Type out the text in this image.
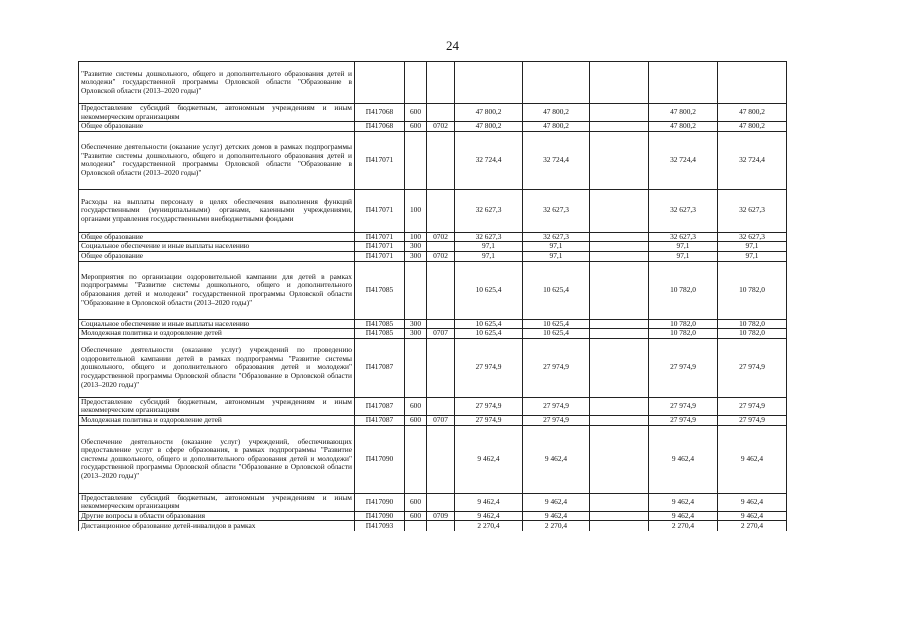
24
"Развитие системы дошкольного, общего и дополнительного образования детей и молодежи" государственной программы Орловской области "Образование в Орловской области (2013–2020 годы)"								
Предоставление субсидий бюджетным, автономным учреждениям и иным некоммерческим организациям	П417068	600		47 800,2	47 800,2		47 800,2	47 800,2
Общее образование	П417068	600	0702	47 800,2	47 800,2		47 800,2	47 800,2
Обеспечение деятельности (оказание услуг) детских домов в рамках подпрограммы "Развитие системы дошкольного, общего и дополнительного образования детей и молодежи" государственной программы Орловской области "Образование в Орловской области (2013–2020 годы)"	П417071			32 724,4	32 724,4		32 724,4	32 724,4
Расходы на выплаты персоналу в целях обеспечения выполнения функций государственными (муниципальными) органами, казенными учреждениями, органами управления государственными внебюджетными фондами	П417071	100		32 627,3	32 627,3		32 627,3	32 627,3
Общее образование	П417071	100	0702	32 627,3	32 627,3		32 627,3	32 627,3
Социальное обеспечение и иные выплаты населению	П417071	300		97,1	97,1		97,1	97,1
Общее образование	П417071	300	0702	97,1	97,1		97,1	97,1
Мероприятия по организации оздоровительной кампании для детей в рамках подпрограммы "Развитие системы дошкольного, общего и дополнительного образования детей и молодежи" государственной программы Орловской области "Образование в Орловской области (2013–2020 годы)"	П417085			10 625,4	10 625,4		10 782,0	10 782,0
Социальное обеспечение и иные выплаты населению	П417085	300		10 625,4	10 625,4		10 782,0	10 782,0
Молодежная политика и оздоровление детей	П417085	300	0707	10 625,4	10 625,4		10 782,0	10 782,0
Обеспечение деятельности (оказание услуг) учреждений по проведению оздоровительной кампании детей в рамках подпрограммы "Развитие системы дошкольного, общего и дополнительного образования детей и молодежи" государственной программы Орловской области "Образование в Орловской области (2013–2020 годы)"	П417087			27 974,9	27 974,9		27 974,9	27 974,9
Предоставление субсидий бюджетным, автономным учреждениям и иным некоммерческим организациям	П417087	600		27 974,9	27 974,9		27 974,9	27 974,9
Молодежная политика и оздоровление детей	П417087	600	0707	27 974,9	27 974,9		27 974,9	27 974,9
Обеспечение деятельности (оказание услуг) учреждений, обеспечивающих предоставление услуг в сфере образования, в рамках подпрограммы "Развитие системы дошкольного, общего и дополнительного образования детей и молодежи" государственной программы Орловской области "Образование в Орловской области (2013–2020 годы)"	П417090			9 462,4	9 462,4		9 462,4	9 462,4
Предоставление субсидий бюджетным, автономным учреждениям и иным некоммерческим организациям	П417090	600		9 462,4	9 462,4		9 462,4	9 462,4
Другие вопросы в области образования	П417090	600	0709	9 462,4	9 462,4		9 462,4	9 462,4
Дистанционное образование детей-инвалидов в рамках	П417093			2 270,4	2 270,4		2 270,4	2 270,4
